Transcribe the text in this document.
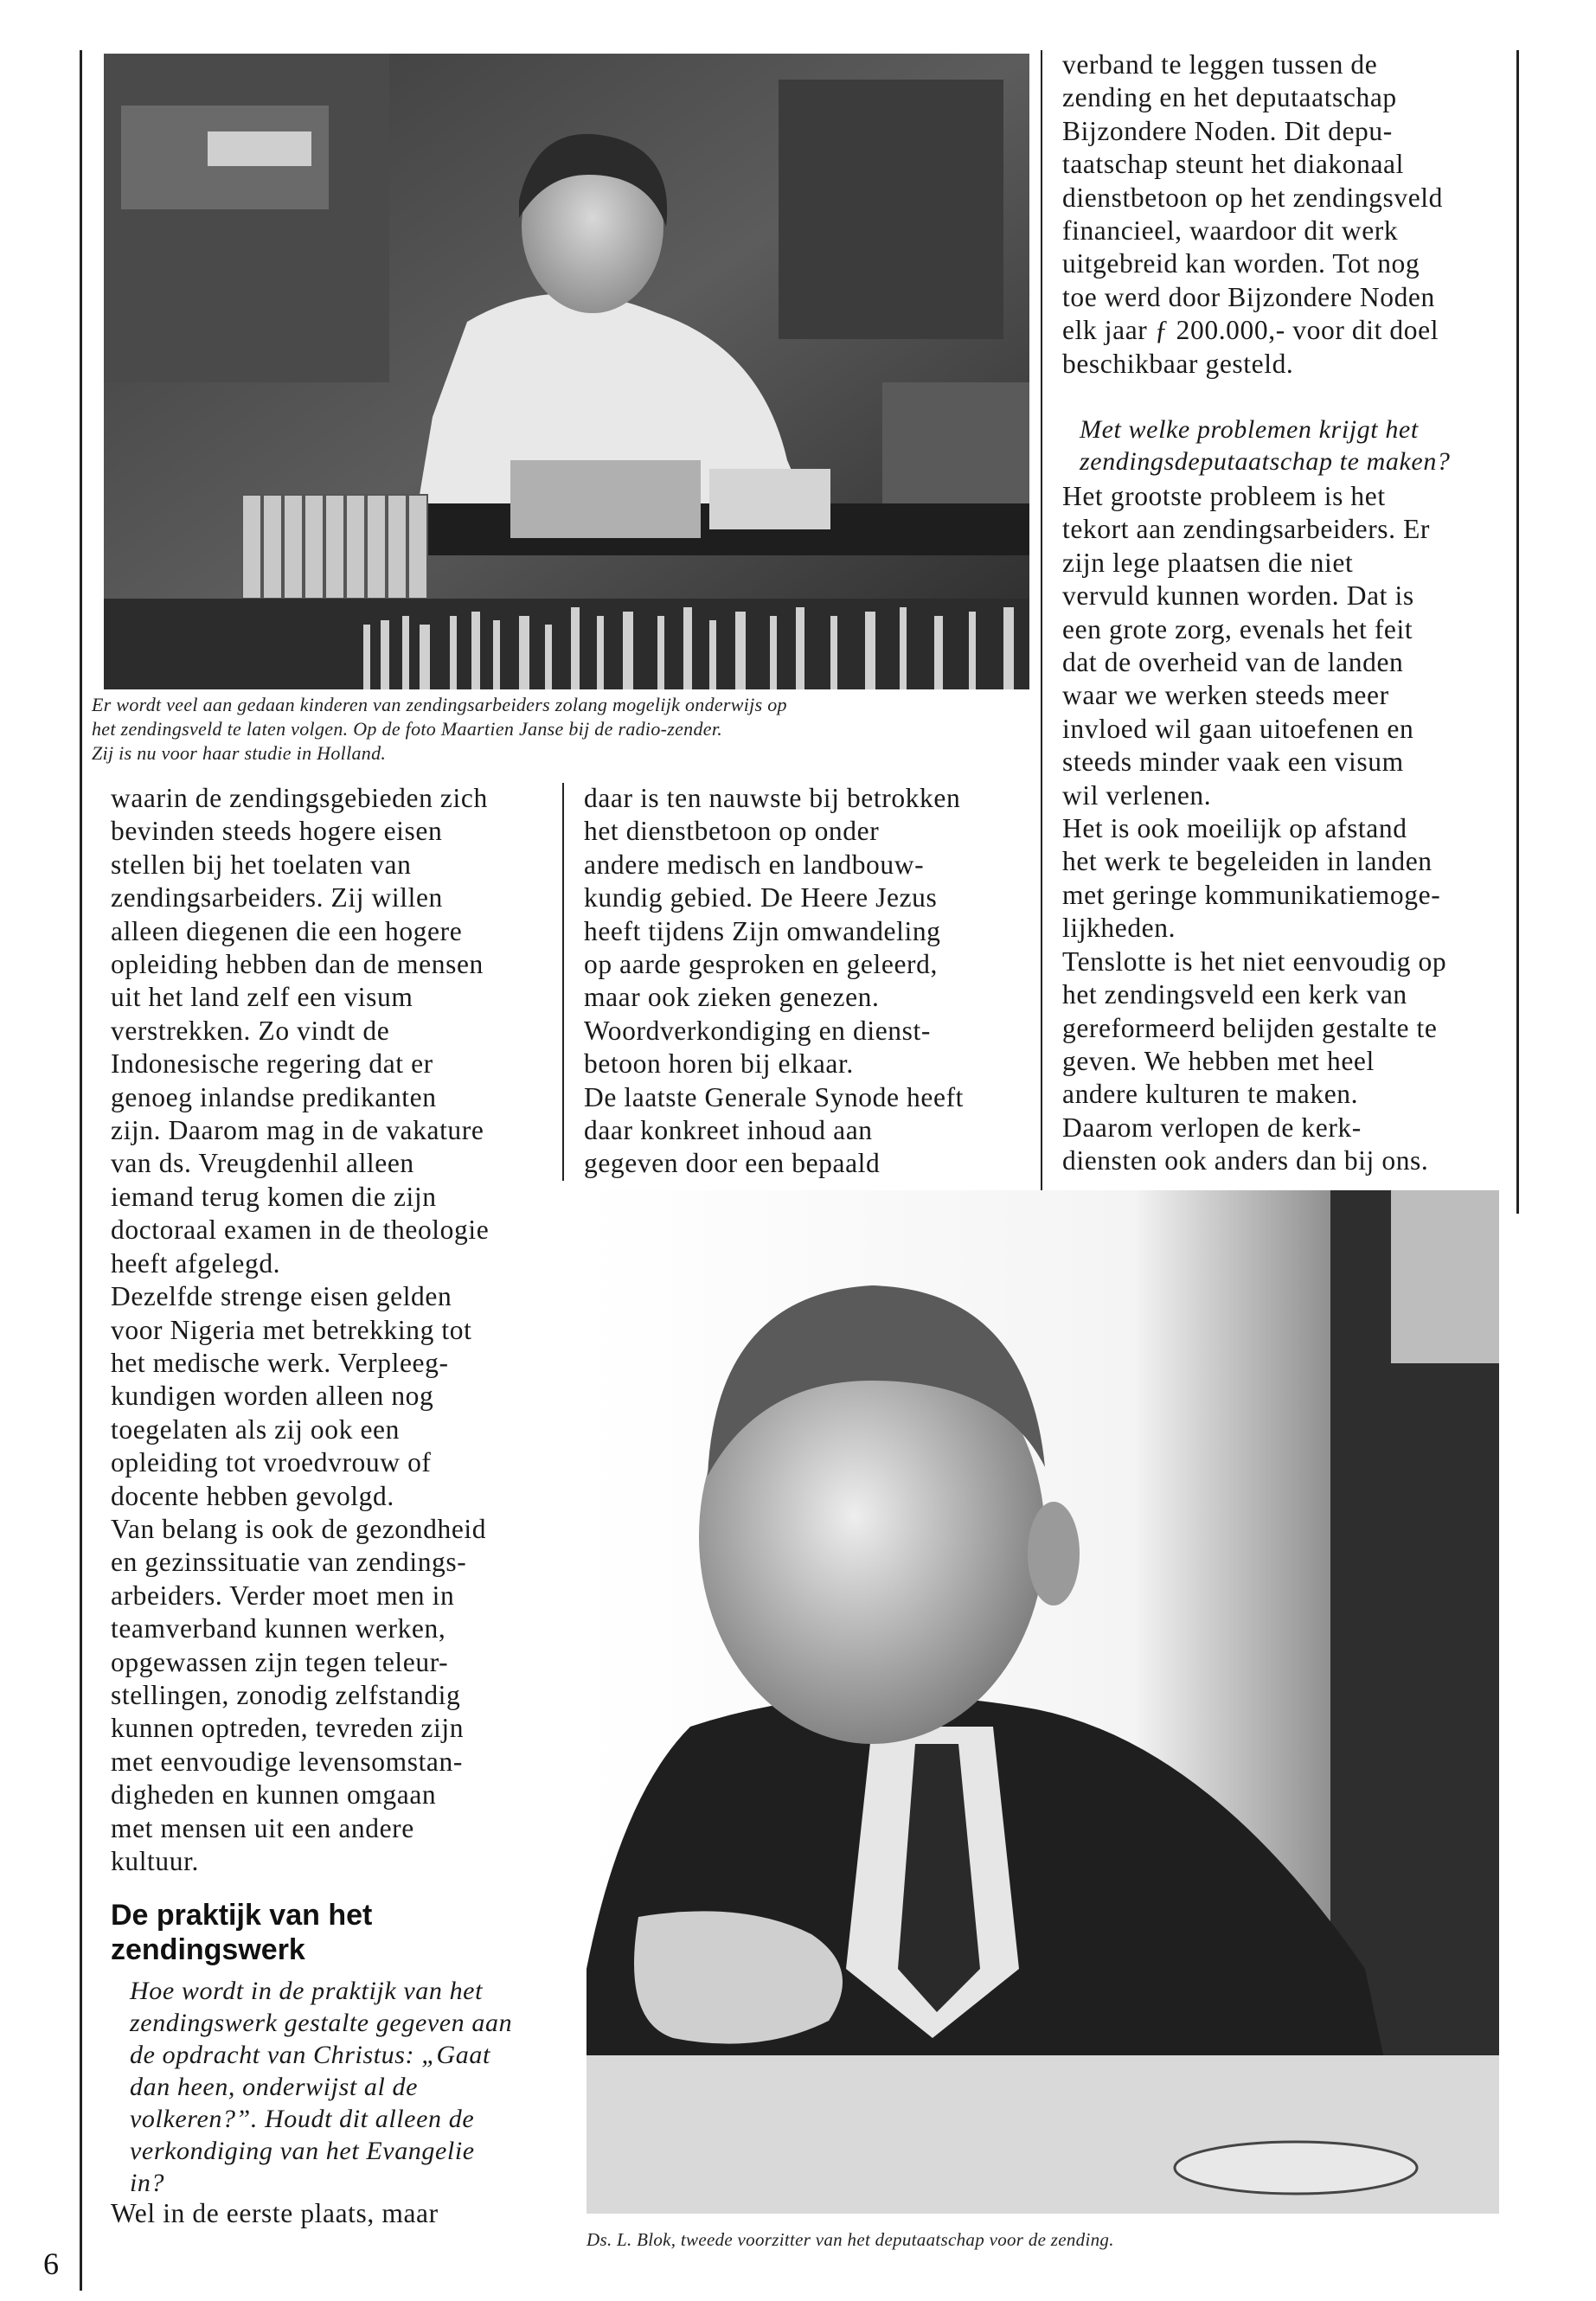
Er wordt veel aan gedaan kinderen van zendingsarbeiders zolang mogelijk onderwijs op
het zendingsveld te laten volgen. Op de foto Maartien Janse bij de radio-zender.
Zij is nu voor haar studie in Holland.

waarin de zendingsgebieden zich

bevinden steeds hogere eisen

stellen bij het toelaten van

zendingsarbeiders. Zij willen

alleen diegenen die een hogere

opleiding hebben dan de mensen

uit het land zelf een visum

verstrekken. Zo vindt de

Indonesische regering dat er

genoeg inlandse predikanten

zijn. Daarom mag in de vakature

van ds. Vreugdenhil alleen

iemand terug komen die zijn

doctoraal examen in de theologie

heeft afgelegd.

Dezelfde strenge eisen gelden

voor Nigeria met betrekking tot

het medische werk. Verpleeg-

kundigen worden alleen nog

toegelaten als zij ook een

opleiding tot vroedvrouw of

docente hebben gevolgd.

Van belang is ook de gezondheid

en gezinssituatie van zendings-

arbeiders. Verder moet men in

teamverband kunnen werken,

opgewassen zijn tegen teleur-

stellingen, zonodig zelfstandig

kunnen optreden, tevreden zijn

met eenvoudige levensomstan-

digheden en kunnen omgaan

met mensen uit een andere

kultuur.

De praktijk van het
zendingswerk

Hoe wordt in de praktijk van het

zendingswerk gestalte gegeven aan

de opdracht van Christus: „Gaat

dan heen, onderwijst al de

volkeren?”. Houdt dit alleen de

verkondiging van het Evangelie

in?

Wel in de eerste plaats, maar

daar is ten nauwste bij betrokken

het dienstbetoon op onder

andere medisch en landbouw-

kundig gebied. De Heere Jezus

heeft tijdens Zijn omwandeling

op aarde gesproken en geleerd,

maar ook zieken genezen.

Woordverkondiging en dienst-

betoon horen bij elkaar.

De laatste Generale Synode heeft

daar konkreet inhoud aan

gegeven door een bepaald

verband te leggen tussen de

zending en het deputaatschap

Bijzondere Noden. Dit depu-

taatschap steunt het diakonaal

dienstbetoon op het zendingsveld

financieel, waardoor dit werk

uitgebreid kan worden. Tot nog

toe werd door Bijzondere Noden

elk jaar ƒ 200.000,- voor dit doel

beschikbaar gesteld.

Met welke problemen krijgt het

zendingsdeputaatschap te maken?

Het grootste probleem is het

tekort aan zendingsarbeiders. Er

zijn lege plaatsen die niet

vervuld kunnen worden. Dat is

een grote zorg, evenals het feit

dat de overheid van de landen

waar we werken steeds meer

invloed wil gaan uitoefenen en

steeds minder vaak een visum

wil verlenen.

Het is ook moeilijk op afstand

het werk te begeleiden in landen

met geringe kommunikatiemoge-

lijkheden.

Tenslotte is het niet eenvoudig op

het zendingsveld een kerk van

gereformeerd belijden gestalte te

geven. We hebben met heel

andere kulturen te maken.

Daarom verlopen de kerk-

diensten ook anders dan bij ons.

Ds. L. Blok, tweede voorzitter van het deputaatschap voor de zending.
6
